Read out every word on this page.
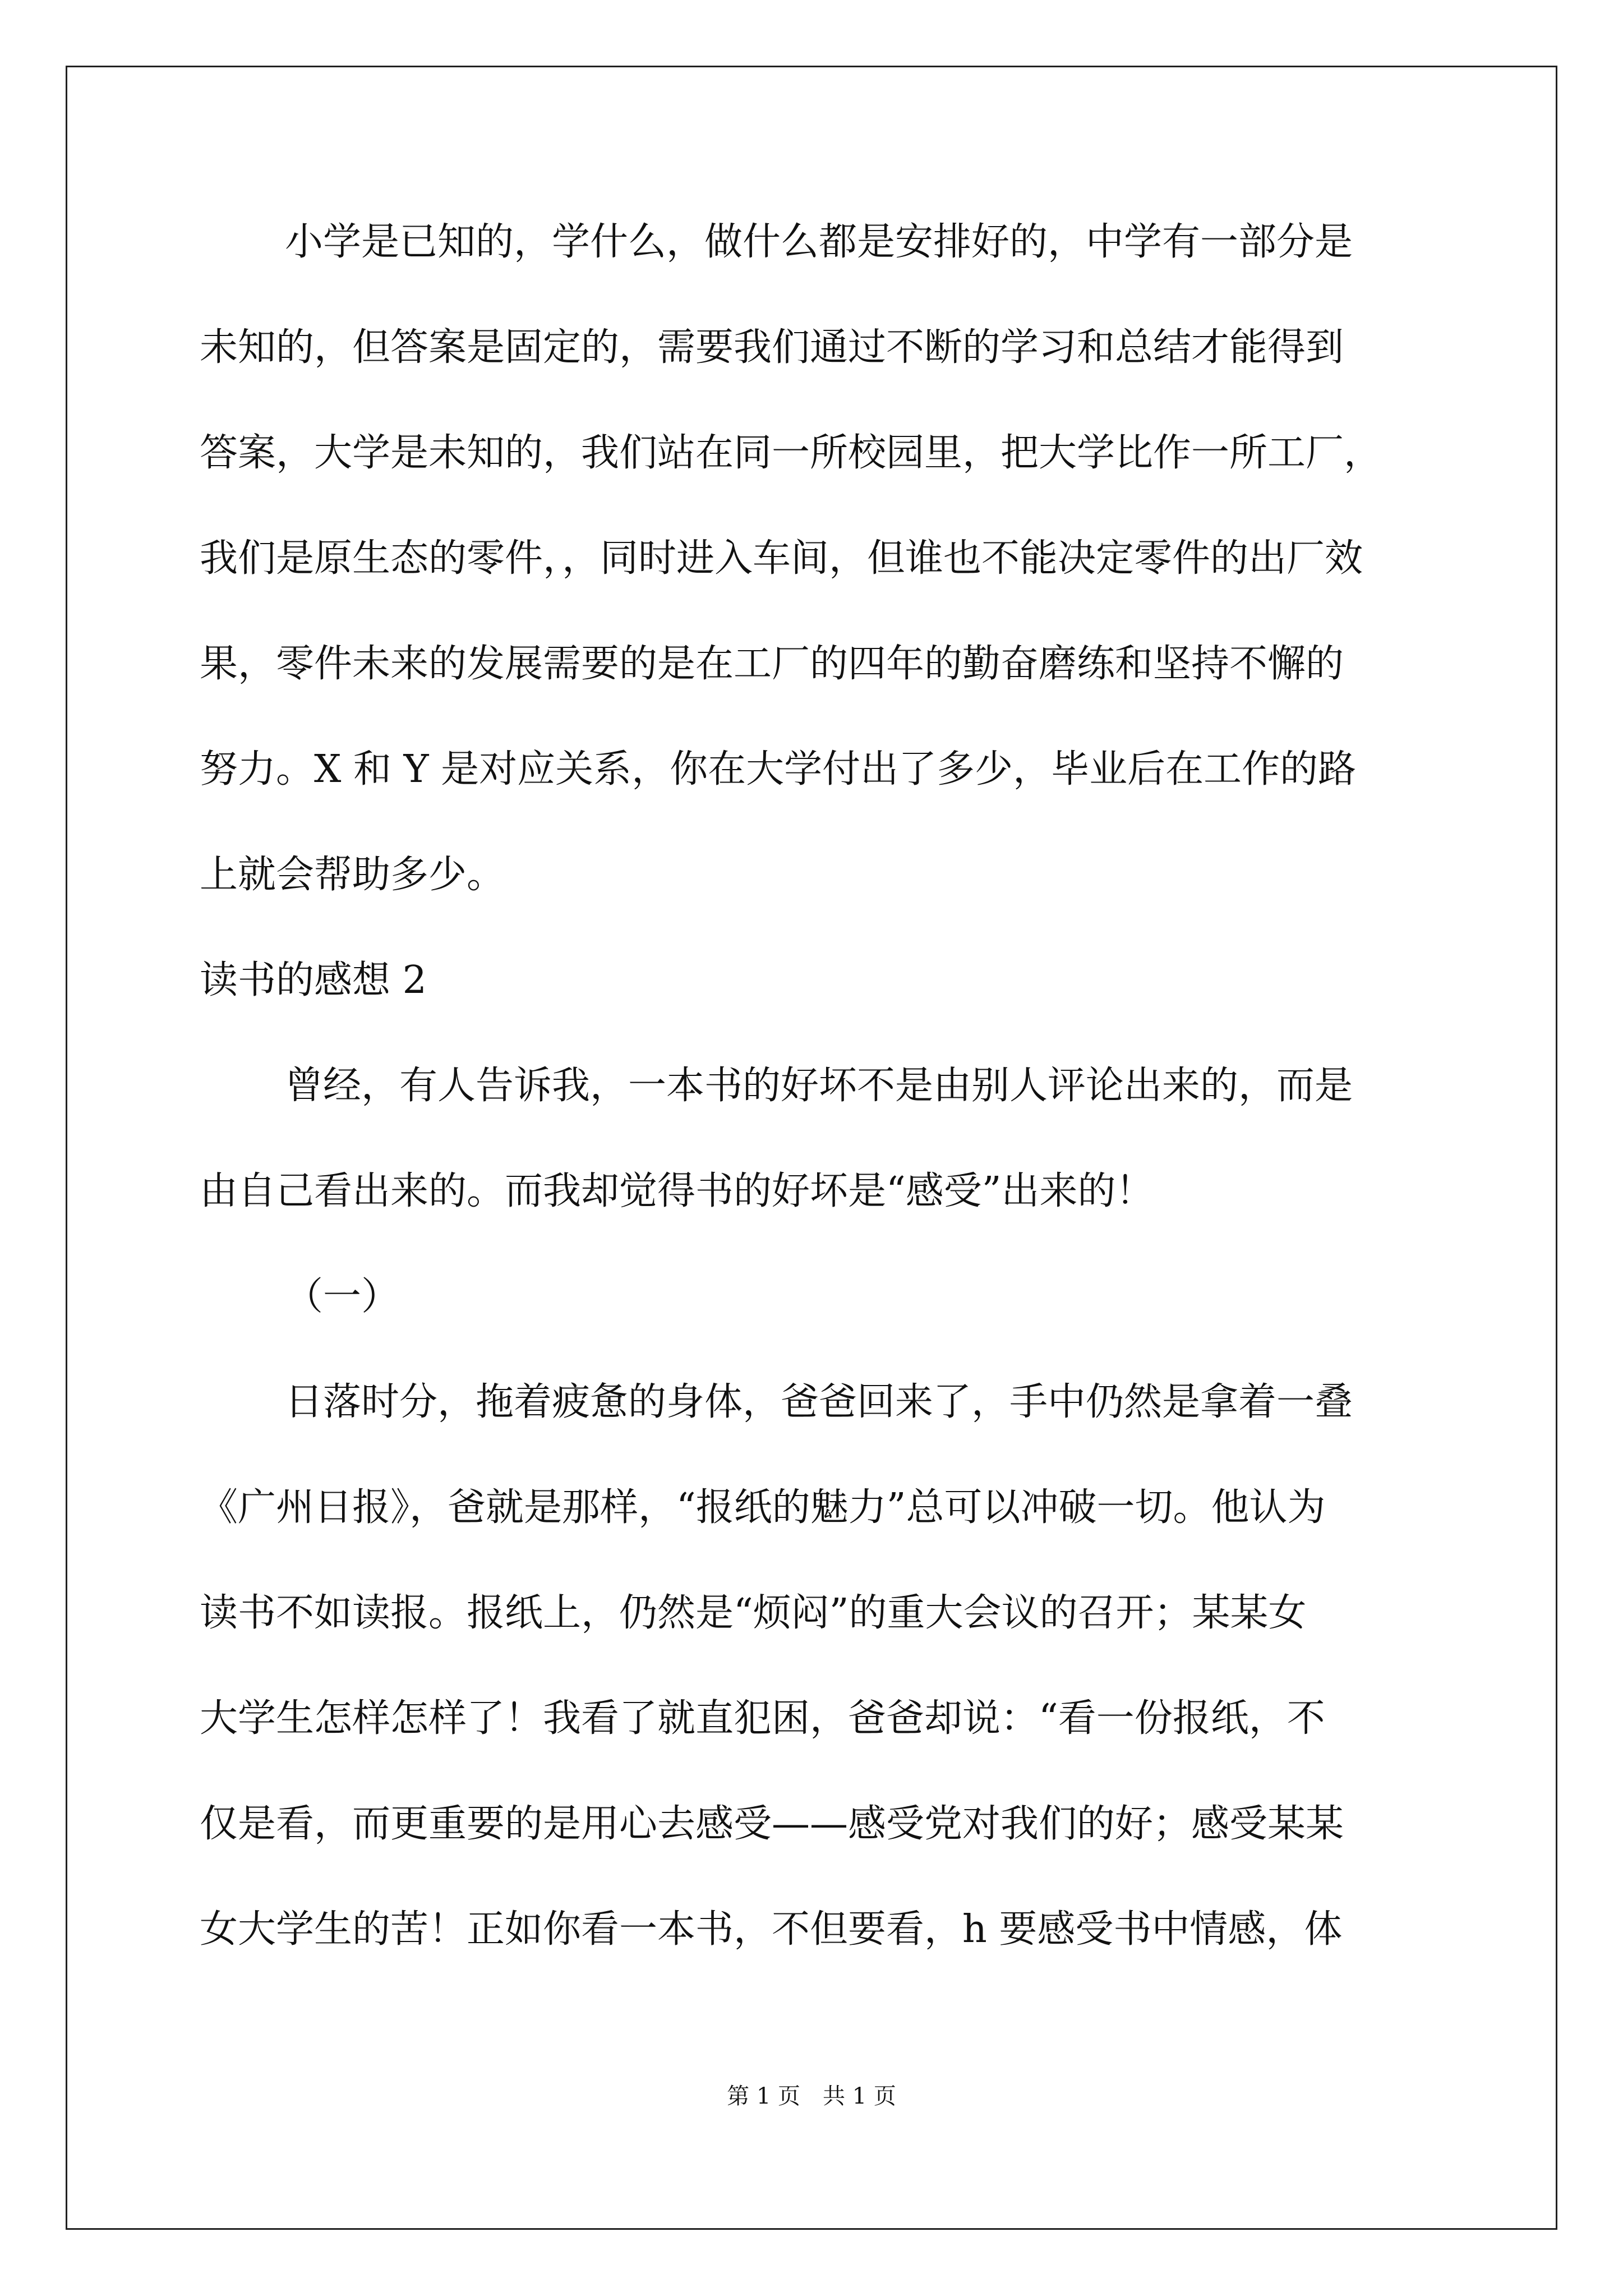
小学是已知的，学什么，做什么都是安排好的，中学有一部分是
未知的，但答案是固定的，需要我们通过不断的学习和总结才能得到
答案，大学是未知的，我们站在同一所校园里，把大学比作一所工厂，
我们是原生态的零件，，同时进入车间，但谁也不能决定零件的出厂效
果，零件未来的发展需要的是在工厂的四年的勤奋磨练和坚持不懈的
努力。X 和 Y 是对应关系，你在大学付出了多少，毕业后在工作的路
上就会帮助多少。
读书的感想 2
曾经，有人告诉我，一本书的好坏不是由别人评论出来的，而是
由自己看出来的。而我却觉得书的好坏是“感受”出来的！
（一）
日落时分，拖着疲惫的身体，爸爸回来了，手中仍然是拿着一叠
《广州日报》，爸就是那样，“报纸的魅力”总可以冲破一切。他认为
读书不如读报。报纸上，仍然是“烦闷”的重大会议的召开；某某女
大学生怎样怎样了！我看了就直犯困，爸爸却说：“看一份报纸，不
仅是看，而更重要的是用心去感受——感受党对我们的好；感受某某
女大学生的苦！正如你看一本书，不但要看，h 要感受书中情感，体
第 1 页　共 1 页
